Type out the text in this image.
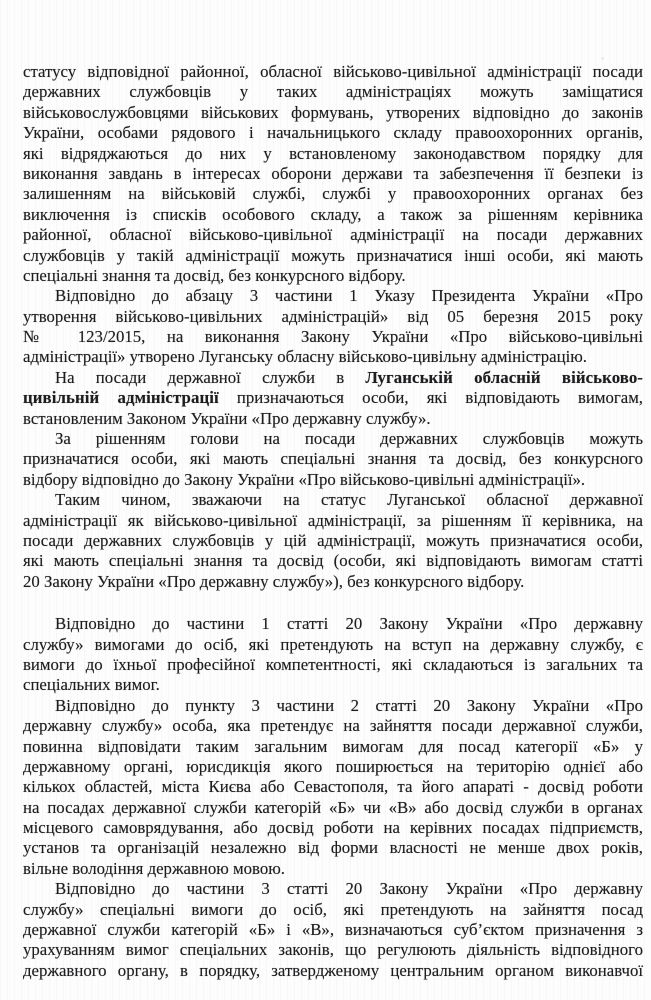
статусу відповідної районної, обласної військово-цивільної адміністрації посади
державних службовців у таких адміністраціях можуть заміщатися
військовослужбовцями військових формувань, утворених відповідно до законів
України, особами рядового і начальницького складу правоохоронних органів,
які відряджаються до них у встановленому законодавством порядку для
виконання завдань в інтересах оборони держави та забезпечення її безпеки із
залишенням на військовій службі, службі у правоохоронних органах без
виключення із списків особового складу, а також за рішенням керівника
районної, обласної військово-цивільної адміністрації на посади державних
службовців у такій адміністрації можуть призначатися інші особи, які мають
спеціальні знання та досвід, без конкурсного відбору.
Відповідно до абзацу 3 частини 1 Указу Президента України «Про
утворення військово-цивільних адміністрацій» від 05 березня 2015 року
№ 123/2015, на виконання Закону України «Про військово-цивільні
адміністрації» утворено Луганську обласну військово-цивільну адміністрацію.
На посади державної служби в Луганській обласній військово-
цивільній адміністрації призначаються особи, які відповідають вимогам,
встановленим Законом України «Про державну службу».
За рішенням голови на посади державних службовців можуть
призначатися особи, які мають спеціальні знання та досвід, без конкурсного
відбору відповідно до Закону України «Про військово-цивільні адміністрації».
Таким чином, зважаючи на статус Луганської обласної державної
адміністрації як військово-цивільної адміністрації, за рішенням її керівника, на
посади державних службовців у цій адміністрації, можуть призначатися особи,
які мають спеціальні знання та досвід (особи, які відповідають вимогам статті
20 Закону України «Про державну службу»), без конкурсного відбору.
Відповідно до частини 1 статті 20 Закону України «Про державну
службу» вимогами до осіб, які претендують на вступ на державну службу, є
вимоги до їхньої професійної компетентності, які складаються із загальних та
спеціальних вимог.
Відповідно до пункту 3 частини 2 статті 20 Закону України «Про
державну службу» особа, яка претендує на зайняття посади державної служби,
повинна відповідати таким загальним вимогам для посад категорії «Б» у
державному органі, юрисдикція якого поширюється на територію однієї або
кількох областей, міста Києва або Севастополя, та його апараті - досвід роботи
на посадах державної служби категорій «Б» чи «В» або досвід служби в органах
місцевого самоврядування, або досвід роботи на керівних посадах підприємств,
установ та організацій незалежно від форми власності не менше двох років,
вільне володіння державною мовою.
Відповідно до частини 3 статті 20 Закону України «Про державну
службу» спеціальні вимоги до осіб, які претендують на зайняття посад
державної служби категорій «Б» і «В», визначаються суб’єктом призначення з
урахуванням вимог спеціальних законів, що регулюють діяльність відповідного
державного органу, в порядку, затвердженому центральним органом виконавчої
